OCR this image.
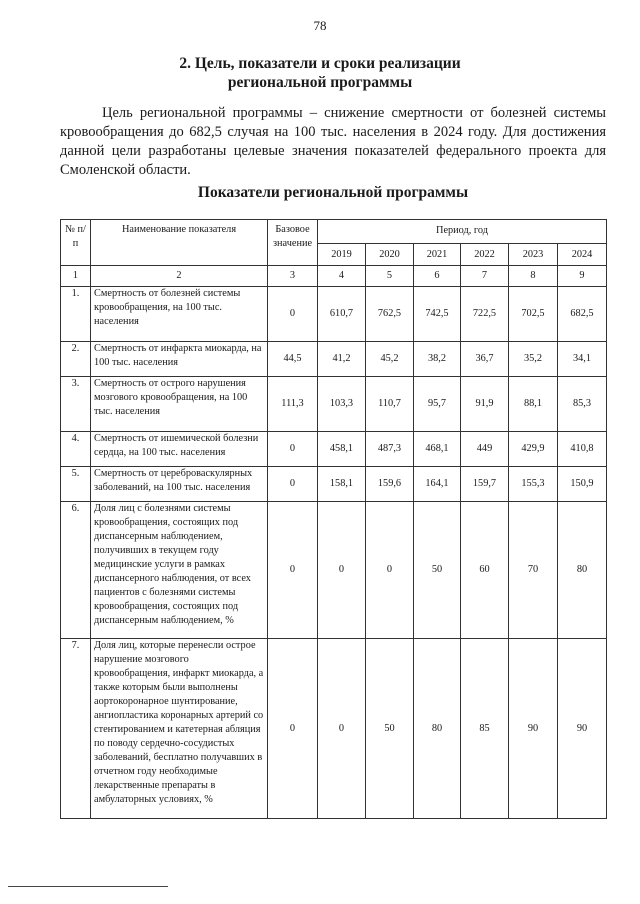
78
2. Цель, показатели и сроки реализации
региональной программы
Цель региональной программы – снижение смертности от болезней системы кровообращения до 682,5 случая на 100 тыс. населения в 2024 году. Для достижения данной цели разработаны целевые значения показателей федерального проекта для Смоленской области.
Показатели региональной программы
№ п/п	Наименование показателя	Базовое значение	Период, год					
			2019	2020	2021	2022	2023	2024
1	2	3	4	5	6	7	8	9
1.	Смертность от болезней системы кровообращения, на 100 тыс. населения	0	610,7	762,5	742,5	722,5	702,5	682,5
2.	Смертность от инфаркта миокарда, на 100 тыс. населения	44,5	41,2	45,2	38,2	36,7	35,2	34,1
3.	Смертность от острого нарушения мозгового кровообращения, на 100 тыс. населения	111,3	103,3	110,7	95,7	91,9	88,1	85,3
4.	Смертность от ишемической болезни сердца, на 100 тыс. населения	0	458,1	487,3	468,1	449	429,9	410,8
5.	Смертность от цереброваскулярных заболеваний, на 100 тыс. населения	0	158,1	159,6	164,1	159,7	155,3	150,9
6.	Доля лиц с болезнями системы кровообращения, состоящих под диспансерным наблюдением, получивших в текущем году медицинские услуги в рамках диспансерного наблюдения, от всех пациентов с болезнями системы кровообращения, состоящих под диспансерным наблюдением, %	0	0	0	50	60	70	80
7.	Доля лиц, которые перенесли острое нарушение мозгового кровообращения, инфаркт миокарда, а также которым были выполнены аортокоронарное шунтирование, ангиопластика коронарных артерий со стентированием и катетерная абляция по поводу сердечно-сосудистых заболеваний, бесплатно получавших в отчетном году необходимые лекарственные препараты в амбулаторных условиях, %	0	0	50	80	85	90	90
